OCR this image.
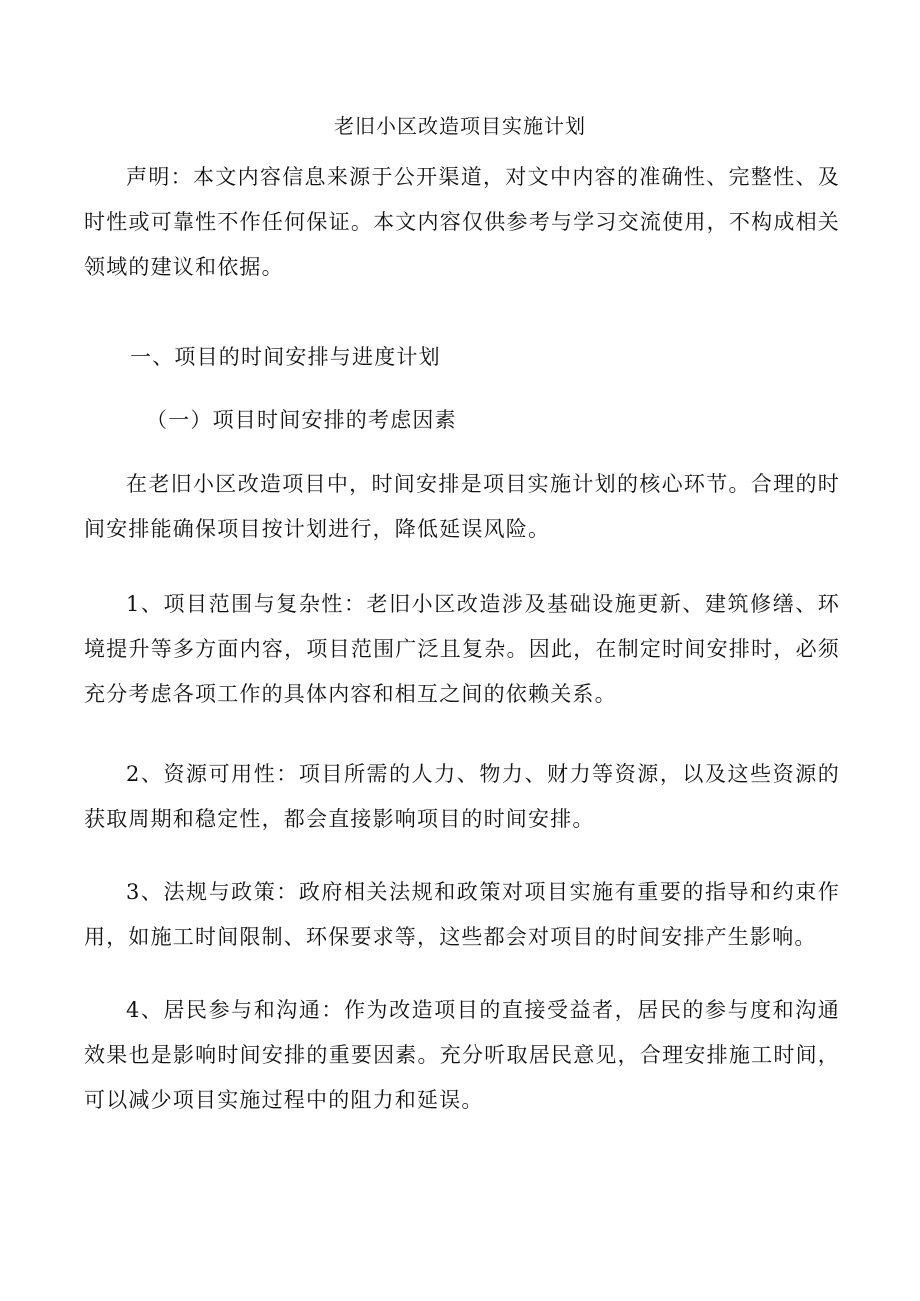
老旧小区改造项目实施计划

声明：本文内容信息来源于公开渠道，对文中内容的准确性、完整性、及时性或可靠性不作任何保证。本文内容仅供参考与学习交流使用，不构成相关领域的建议和依据。

一、项目的时间安排与进度计划
（一）项目时间安排的考虑因素

在老旧小区改造项目中，时间安排是项目实施计划的核心环节。合理的时间安排能确保项目按计划进行，降低延误风险。

1、项目范围与复杂性：老旧小区改造涉及基础设施更新、建筑修缮、环境提升等多方面内容，项目范围广泛且复杂。因此，在制定时间安排时，必须充分考虑各项工作的具体内容和相互之间的依赖关系。

2、资源可用性：项目所需的人力、物力、财力等资源，以及这些资源的获取周期和稳定性，都会直接影响项目的时间安排。

3、法规与政策：政府相关法规和政策对项目实施有重要的指导和约束作用，如施工时间限制、环保要求等，这些都会对项目的时间安排产生影响。

4、居民参与和沟通：作为改造项目的直接受益者，居民的参与度和沟通效果也是影响时间安排的重要因素。充分听取居民意见，合理安排施工时间，可以减少项目实施过程中的阻力和延误。
